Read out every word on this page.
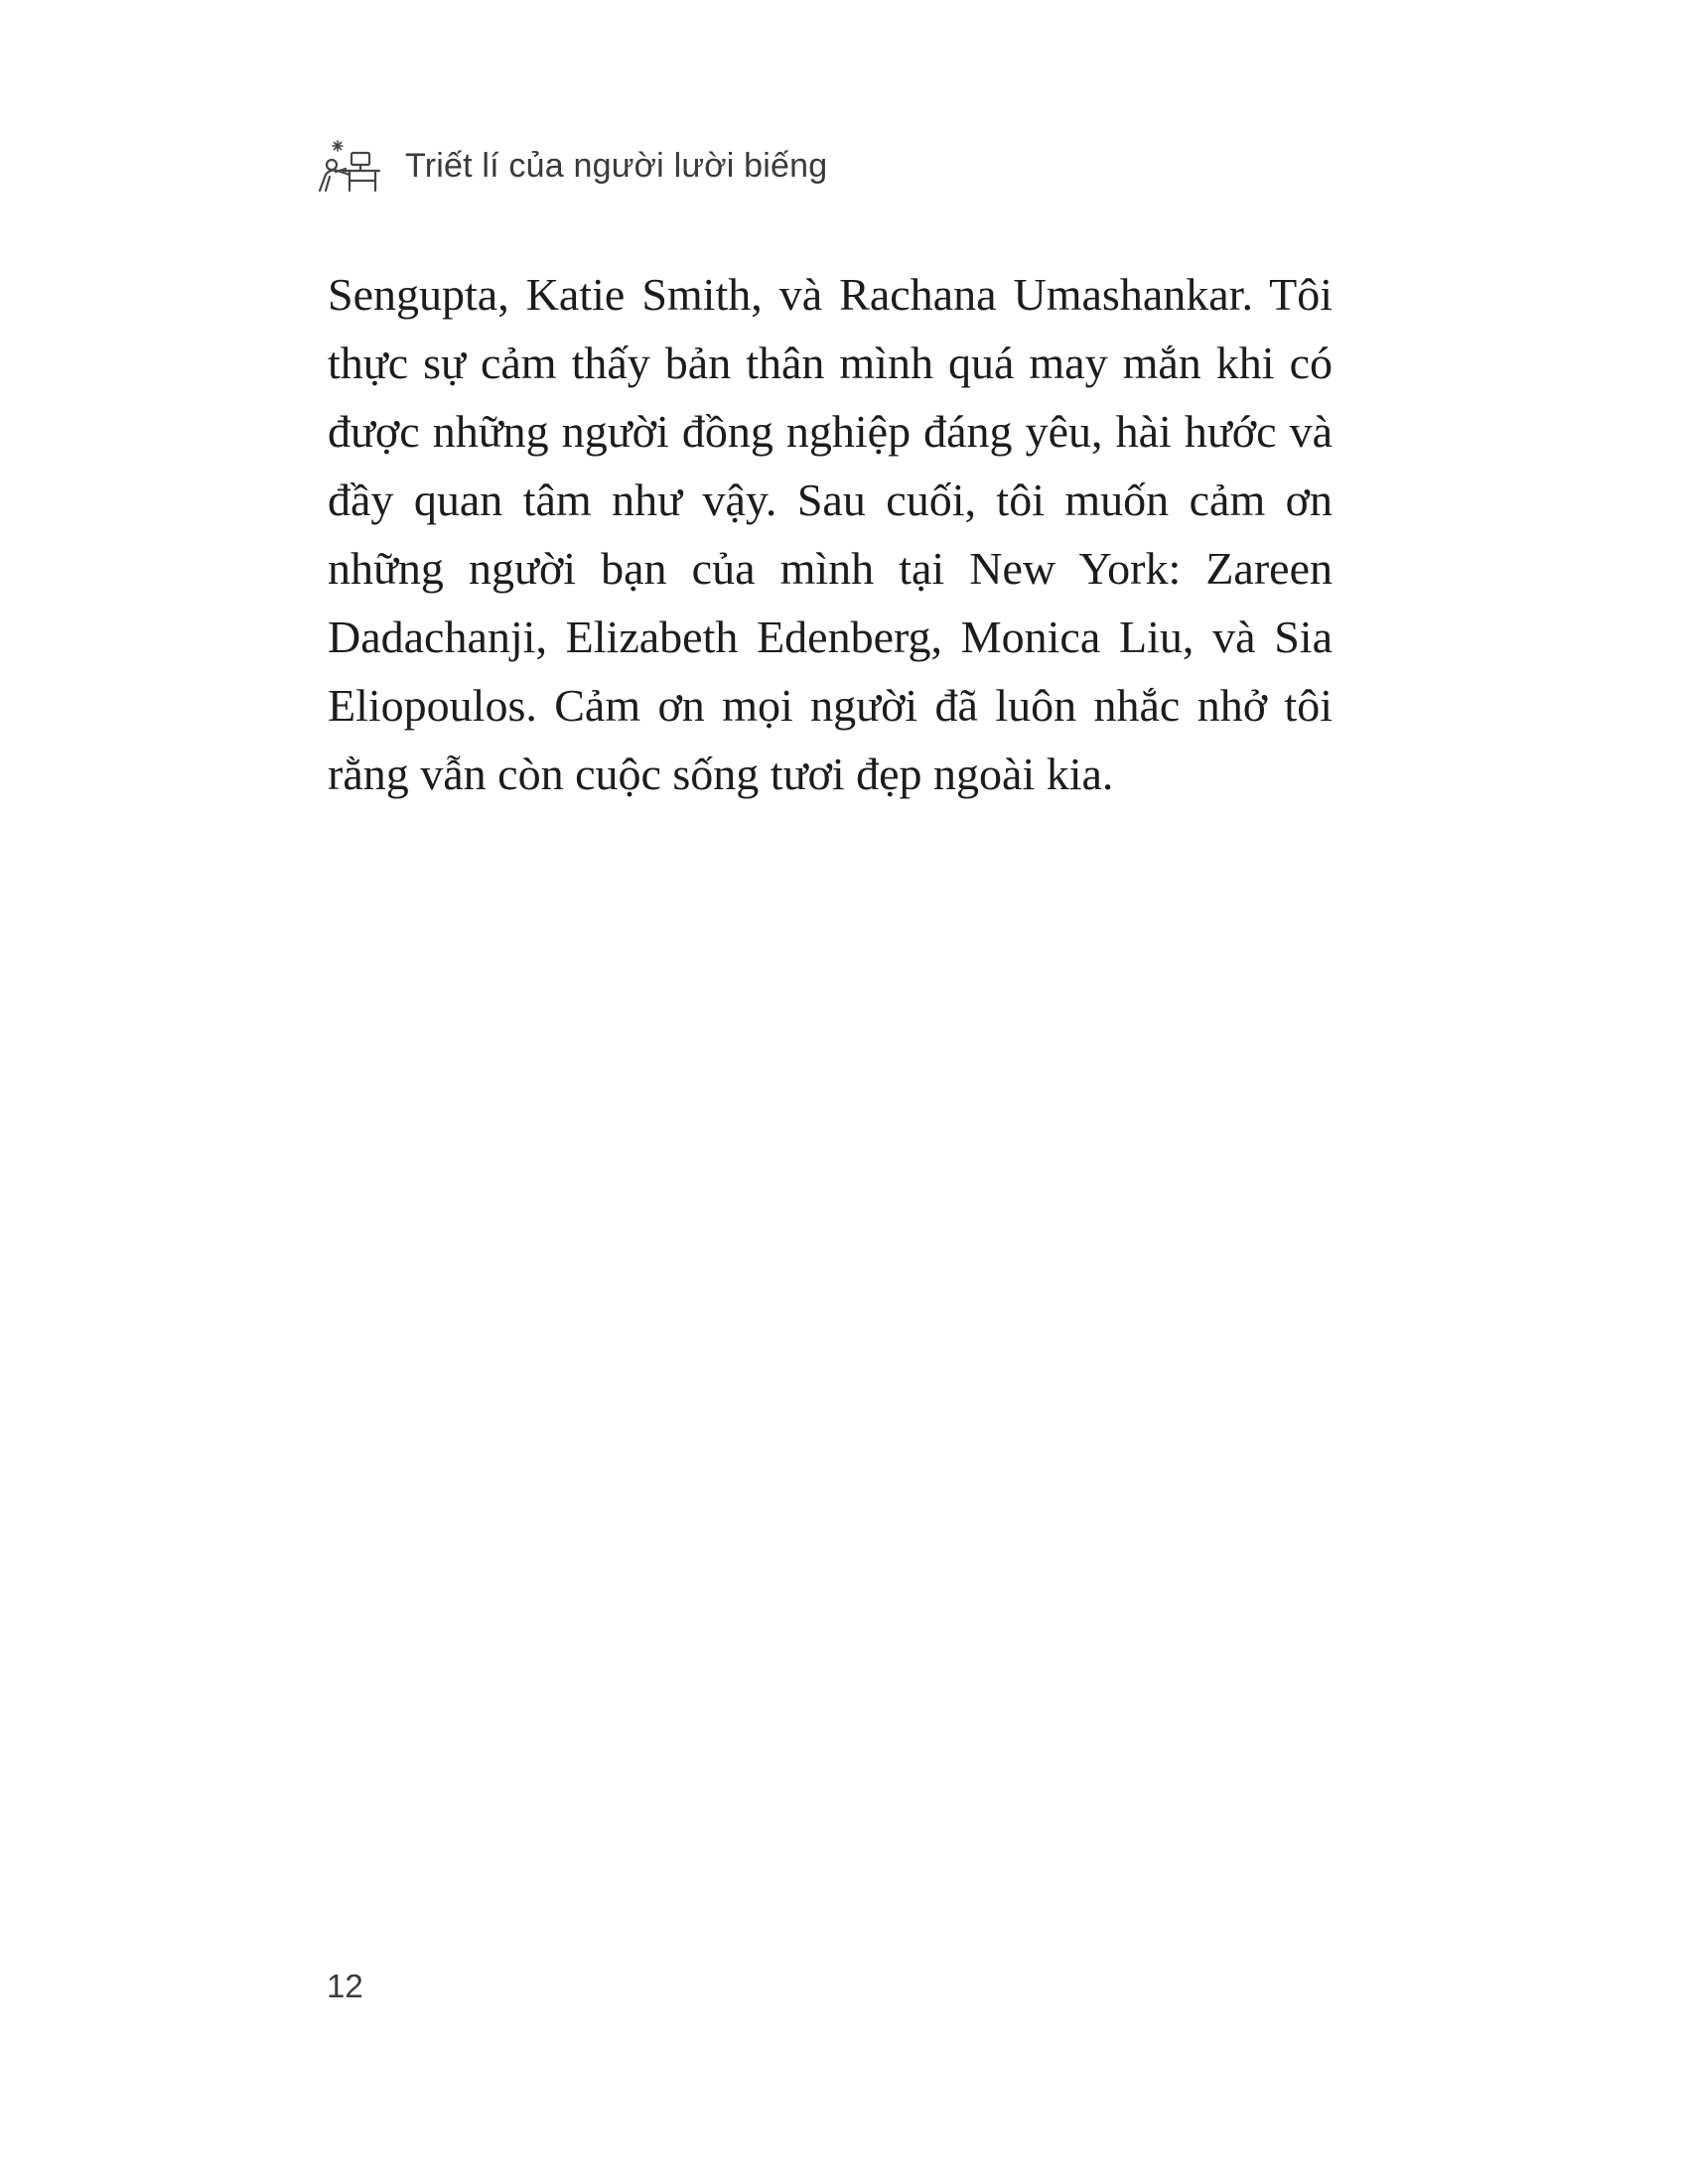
Triết lí của người lười biếng

Sengupta, Katie Smith, và Rachana Umashankar. Tôi thực sự cảm thấy bản thân mình quá may mắn khi có được những người đồng nghiệp đáng yêu, hài hước và đầy quan tâm như vậy. Sau cuối, tôi muốn cảm ơn những người bạn của mình tại New York: Zareen Dadachanji, Elizabeth Edenberg, Monica Liu, và Sia Eliopoulos. Cảm ơn mọi người đã luôn nhắc nhở tôi rằng vẫn còn cuộc sống tươi đẹp ngoài kia.

12
